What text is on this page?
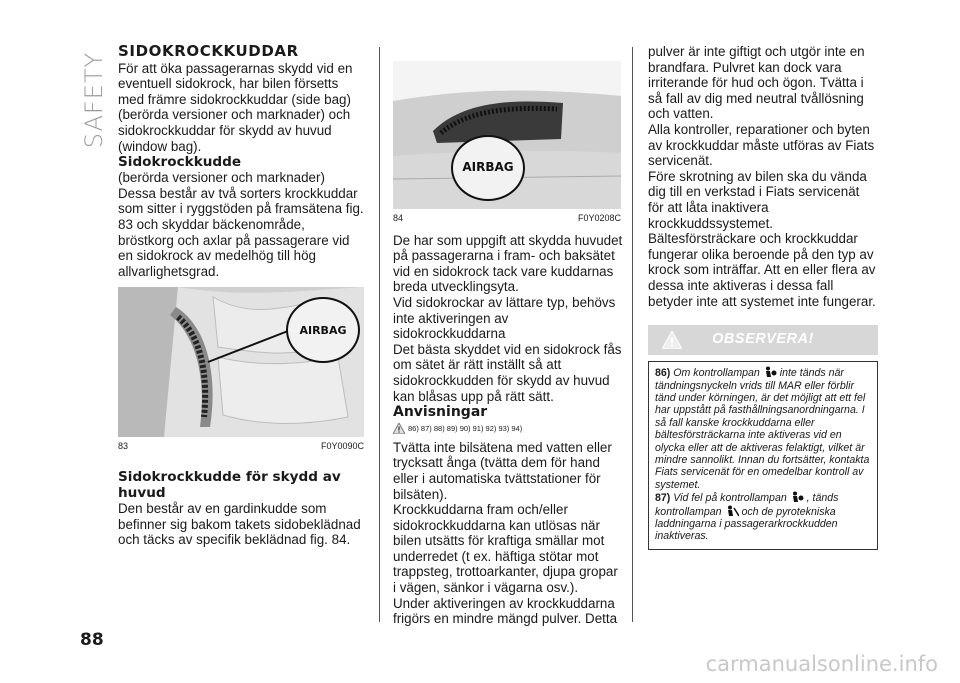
SAFETY
88
carmanualsonline.info
SIDOKROCKKUDDAR

För att öka passagerarnas skydd vid en eventuell sidokrock, har bilen försetts med främre sidokrockkuddar (side bag) (berörda versioner och marknader) och sidokrockkuddar för skydd av huvud (window bag).

Sidokrockkudde

(berörda versioner och marknader) Dessa består av två sorters krockkuddar som sitter i ryggstöden på framsätena fig. 83 och skyddar bäckenområde, bröstkorg och axlar på passagerare vid en sidokrock av medelhög till hög allvarlighetsgrad.

AIRBAG
83	F0Y0090C
Sidokrockkudde för skydd av huvud

Den består av en gardinkudde som befinner sig bakom takets sidobeklädnad och täcks av specifik beklädnad fig. 84.

AIRBAG
84	F0Y0208C

De har som uppgift att skydda huvudet på passagerarna i fram- och baksätet vid en sidokrock tack vare kuddarnas breda utvecklingsyta.

Vid sidokrockar av lättare typ, behövs inte aktiveringen av sidokrockkuddarna

Det bästa skyddet vid en sidokrock fås om sätet är rätt inställt så att sidokrockkudden för skydd av huvud kan blåsas upp på rätt sätt.

Anvisningar
86) 87) 88) 89) 90) 91) 92) 93) 94)

Tvätta inte bilsätena med vatten eller trycksatt ånga (tvätta dem för hand eller i automatiska tvättstationer för bilsäten).

Krockkuddarna fram och/eller sidokrockkuddarna kan utlösas när bilen utsätts för kraftiga smällar mot underredet (t ex. häftiga stötar mot trappsteg, trottoarkanter, djupa gropar i vägen, sänkor i vägarna osv.).

Under aktiveringen av krockkuddarna frigörs en mindre mängd pulver. Detta

pulver är inte giftigt och utgör inte en brandfara. Pulvret kan dock vara irriterande för hud och ögon. Tvätta i så fall av dig med neutral tvållösning och vatten.

Alla kontroller, reparationer och byten av krockkuddar måste utföras av Fiats servicenät.

Före skrotning av bilen ska du vända dig till en verkstad i Fiats servicenät för att låta inaktivera krockkuddssystemet.

Bältesförsträckare och krockkuddar fungerar olika beroende på den typ av krock som inträffar. Att en eller flera av dessa inte aktiveras i dessa fall betyder inte att systemet inte fungerar.

OBSERVERA!

86) Om kontrollampan inte tänds när tändningsnyckeln vrids till MAR eller förblir tänd under körningen, är det möjligt att ett fel har uppstått på fasthållningsanordningarna. I så fall kanske krockkuddarna eller bältesförsträckarna inte aktiveras vid en olycka eller att de aktiveras felaktigt, vilket är mindre sannolikt. Innan du fortsätter, kontakta Fiats servicenät för en omedelbar kontroll av systemet.

87) Vid fel på kontrollampan , tänds kontrollampan och de pyrotekniska laddningarna i passagerarkrockkudden inaktiveras.
